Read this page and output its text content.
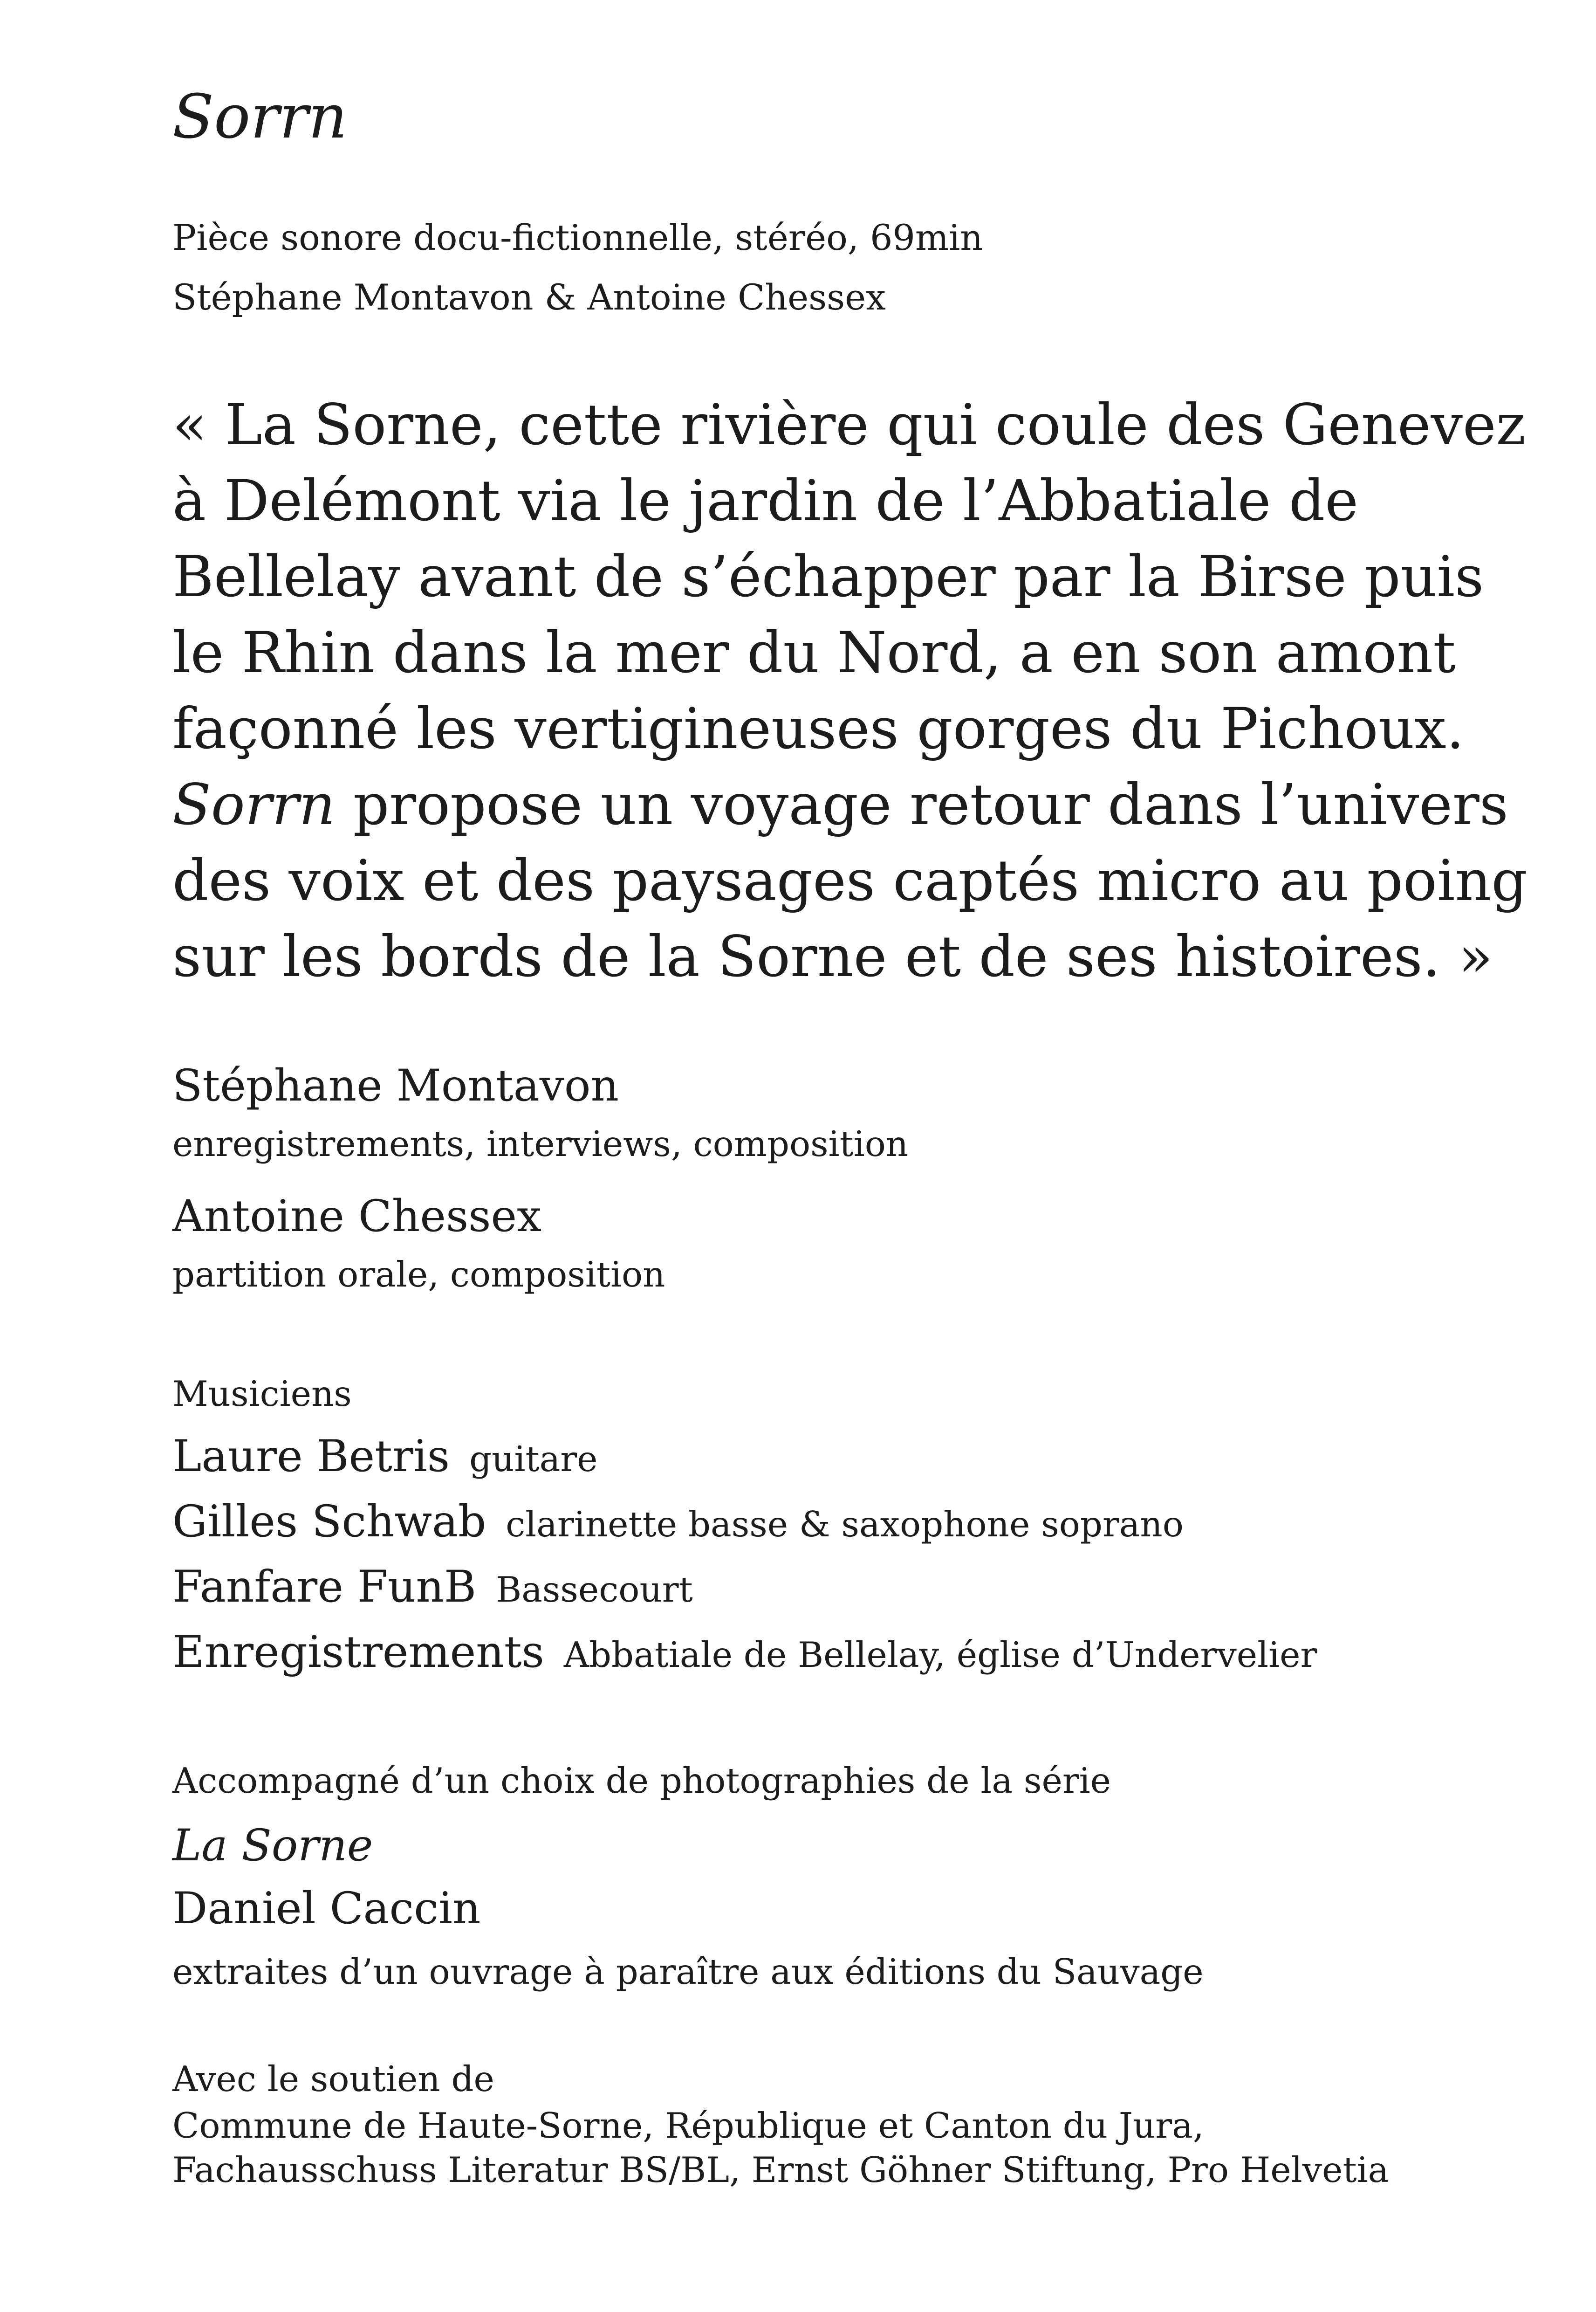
Sorrn
Pièce sonore docu-fictionnelle, stéréo, 69min
Stéphane Montavon & Antoine Chessex
« La Sorne, cette rivière qui coule des Genevez
à Delémont via le jardin de l’Abbatiale de
Bellelay avant de s’échapper par la Birse puis
le Rhin dans la mer du Nord, a en son amont
façonné les vertigineuses gorges du Pichoux.
Sorrn propose un voyage retour dans l’univers
des voix et des paysages captés micro au poing
sur les bords de la Sorne et de ses histoires. »
Stéphane Montavon
enregistrements, interviews, composition
Antoine Chessex
partition orale, composition
Musiciens
Laure Betris guitare
Gilles Schwab clarinette basse & saxophone soprano
Fanfare FunB Bassecourt
Enregistrements Abbatiale de Bellelay, église d’Undervelier
Accompagné d’un choix de photographies de la série
La Sorne
Daniel Caccin
extraites d’un ouvrage à paraître aux éditions du Sauvage
Avec le soutien de
Commune de Haute-Sorne, République et Canton du Jura,
Fachausschuss Literatur BS/BL, Ernst Göhner Stiftung, Pro Helvetia
